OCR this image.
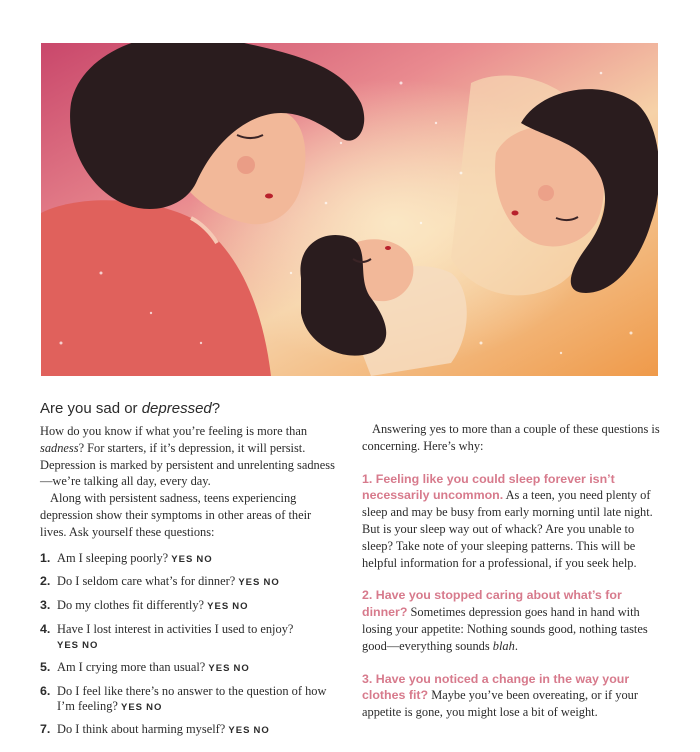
Are you sad or depressed?

How do you know if what you’re feeling is more than sadness? For starters, if it’s depression, it will persist. Depression is marked by persistent and unrelenting sadness—we’re talking all day, every day.

Along with persistent sadness, teens experiencing depression show their symptoms in other areas of their lives. Ask yourself these questions:

1. Am I sleeping poorly? YES NO
2. Do I seldom care what’s for dinner? YES NO
3. Do my clothes fit differently? YES NO
4. Have I lost interest in activities I used to enjoy?
YES NO
5. Am I crying more than usual? YES NO
6. Do I feel like there’s no answer to the question of how I’m feeling? YES NO
7. Do I think about harming myself? YES NO

Answering yes to more than a couple of these questions is concerning. Here’s why:

1. Feeling like you could sleep forever isn’t necessarily uncommon. As a teen, you need plenty of sleep and may be busy from early morning until late night. But is your sleep way out of whack? Are you unable to sleep? Take note of your sleeping patterns. This will be helpful information for a professional, if you seek help.

2. Have you stopped caring about what’s for dinner? Sometimes depression goes hand in hand with losing your appetite: Nothing sounds good, nothing tastes good—everything sounds blah.

3. Have you noticed a change in the way your clothes fit? Maybe you’ve been overeating, or if your appetite is gone, you might lose a bit of weight.
